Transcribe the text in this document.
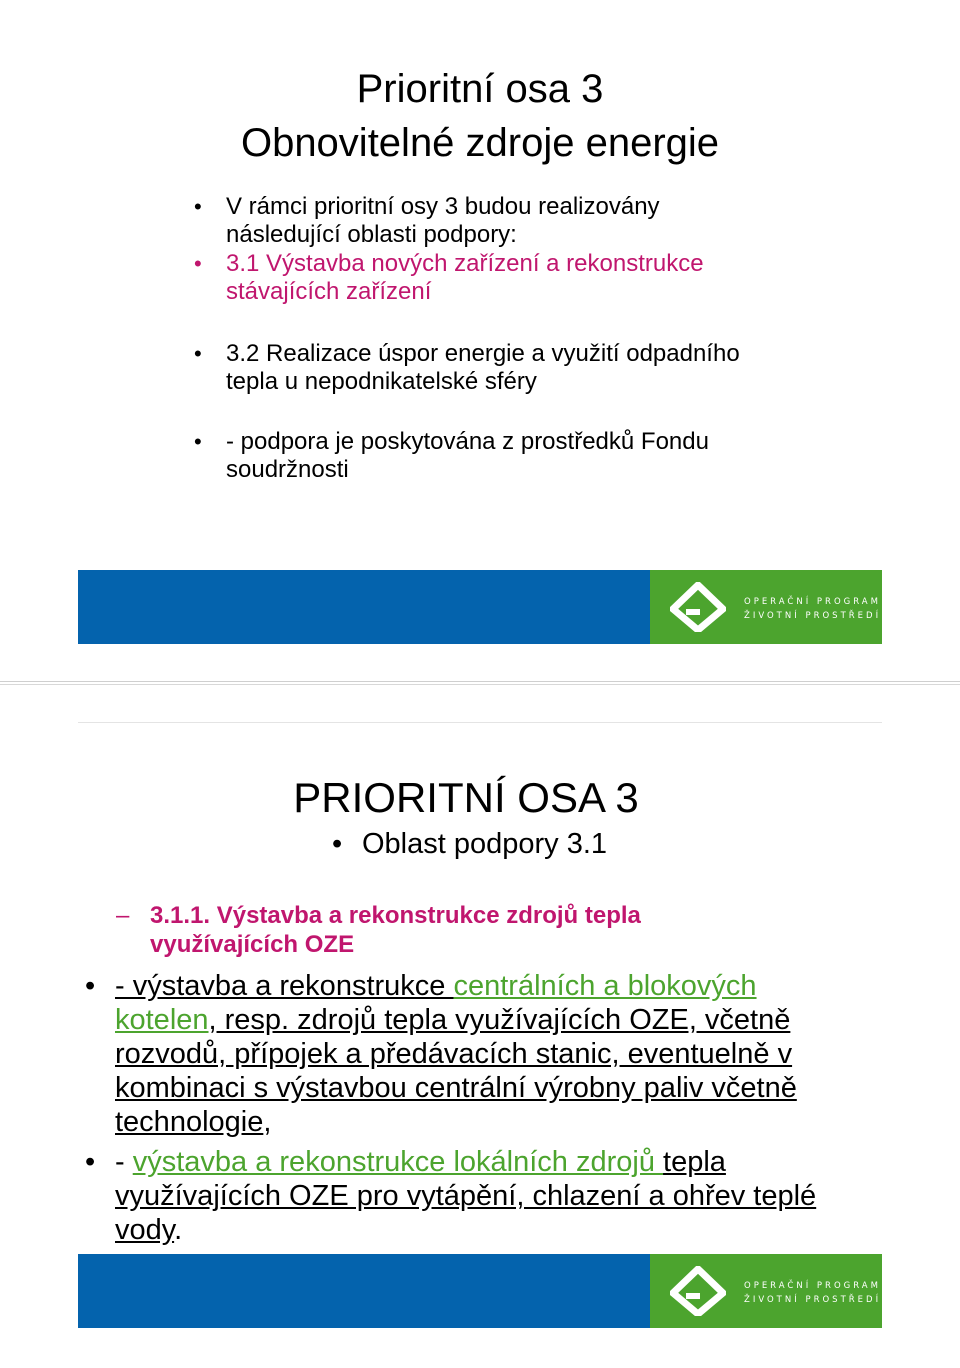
Prioritní osa 3
Obnovitelné zdroje energie
• V rámci prioritní osy 3 budou realizovány
následující oblasti podpory:
• 3.1 Výstavba nových zařízení a rekonstrukce
stávajících zařízení
• 3.2 Realizace úspor energie a využití odpadního
tepla u nepodnikatelské sféry
• - podpora je poskytována z prostředků Fondu
soudržnosti
OPERAČNÍ PROGRAM
ŽIVOTNÍ PROSTŘEDÍ
PRIORITNÍ OSA 3
• Oblast podpory 3.1
– 3.1.1. Výstavba a rekonstrukce zdrojů tepla
využívajících OZE
• - výstavba a rekonstrukce centrálních a blokových
kotelen, resp. zdrojů tepla využívajících OZE, včetně
rozvodů, přípojek a předávacích stanic, eventuelně v
kombinaci s výstavbou centrální výrobny paliv včetně
technologie,
• - výstavba a rekonstrukce lokálních zdrojů tepla
využívajících OZE pro vytápění, chlazení a ohřev teplé
vody.
OPERAČNÍ PROGRAM
ŽIVOTNÍ PROSTŘEDÍ
